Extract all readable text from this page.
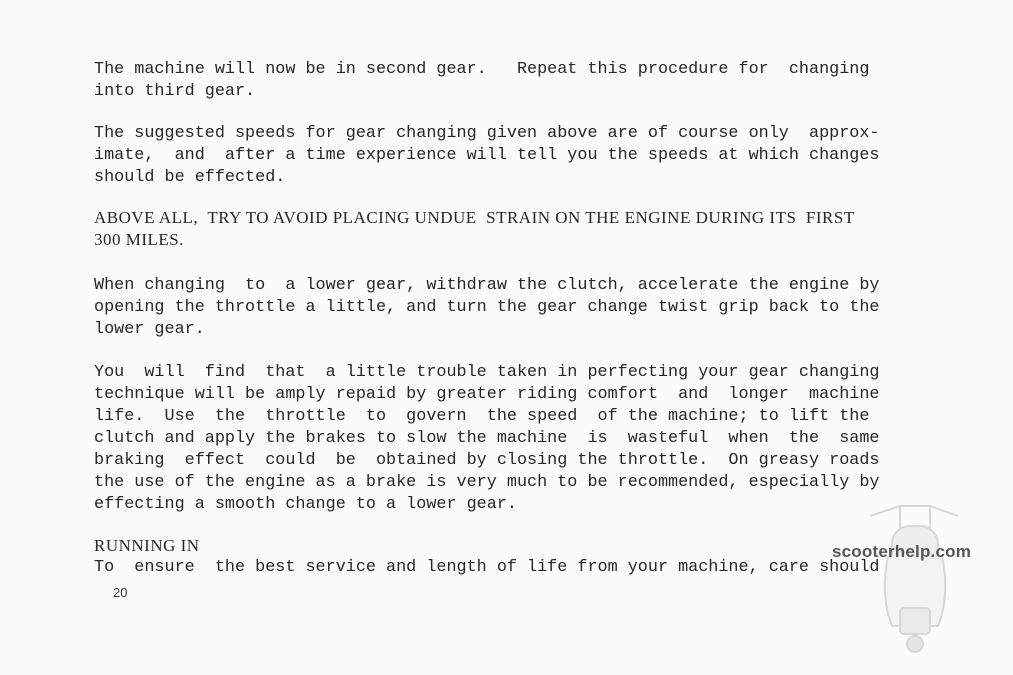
The machine will now be in second gear.   Repeat this procedure for  changing
into third gear.
The suggested speeds for gear changing given above are of course only  approx-
imate,  and  after a time experience will tell you the speeds at which changes
should be effected.
ABOVE ALL,  TRY TO AVOID PLACING UNDUE  STRAIN ON THE ENGINE DURING ITS  FIRST
300 MILES.
When changing  to  a lower gear, withdraw the clutch, accelerate the engine by
opening the throttle a little, and turn the gear change twist grip back to the
lower gear.
You  will  find  that  a little trouble taken in perfecting your gear changing
technique will be amply repaid by greater riding comfort  and  longer  machine
life.  Use  the  throttle  to  govern  the speed  of the machine; to lift the
clutch and apply the brakes to slow the machine  is  wasteful  when  the  same
braking  effect  could  be  obtained by closing the throttle.  On greasy roads
the use of the engine as a brake is very much to be recommended, especially by
effecting a smooth change to a lower gear.
RUNNING IN
To  ensure  the best service and length of life from your machine, care should
20
scooterhelp.com
